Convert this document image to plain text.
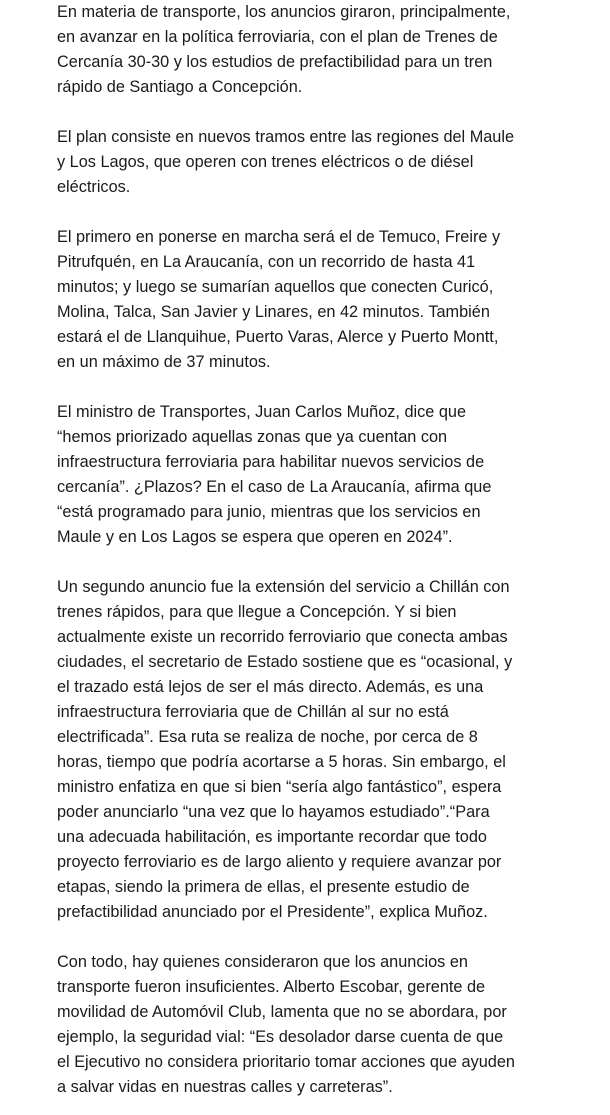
En materia de transporte, los anuncios giraron, principalmente,
en avanzar en la política ferroviaria, con el plan de Trenes de
Cercanía 30-30 y los estudios de prefactibilidad para un tren
rápido de Santiago a Concepción.

El plan consiste en nuevos tramos entre las regiones del Maule
y Los Lagos, que operen con trenes eléctricos o de diésel
eléctricos.

El primero en ponerse en marcha será el de Temuco, Freire y
Pitrufquén, en La Araucanía, con un recorrido de hasta 41
minutos; y luego se sumarían aquellos que conecten Curicó,
Molina, Talca, San Javier y Linares, en 42 minutos. También
estará el de Llanquihue, Puerto Varas, Alerce y Puerto Montt,
en un máximo de 37 minutos.

El ministro de Transportes, Juan Carlos Muñoz, dice que
“hemos priorizado aquellas zonas que ya cuentan con
infraestructura ferroviaria para habilitar nuevos servicios de
cercanía”. ¿Plazos? En el caso de La Araucanía, afirma que
“está programado para junio, mientras que los servicios en
Maule y en Los Lagos se espera que operen en 2024”.

Un segundo anuncio fue la extensión del servicio a Chillán con
trenes rápidos, para que llegue a Concepción. Y si bien
actualmente existe un recorrido ferroviario que conecta ambas
ciudades, el secretario de Estado sostiene que es “ocasional, y
el trazado está lejos de ser el más directo. Además, es una
infraestructura ferroviaria que de Chillán al sur no está
electrificada”. Esa ruta se realiza de noche, por cerca de 8
horas, tiempo que podría acortarse a 5 horas. Sin embargo, el
ministro enfatiza en que si bien “sería algo fantástico”, espera
poder anunciarlo “una vez que lo hayamos estudiado”.“Para
una adecuada habilitación, es importante recordar que todo
proyecto ferroviario es de largo aliento y requiere avanzar por
etapas, siendo la primera de ellas, el presente estudio de
prefactibilidad anunciado por el Presidente”, explica Muñoz.

Con todo, hay quienes consideraron que los anuncios en
transporte fueron insuficientes. Alberto Escobar, gerente de
movilidad de Automóvil Club, lamenta que no se abordara, por
ejemplo, la seguridad vial: “Es desolador darse cuenta de que
el Ejecutivo no considera prioritario tomar acciones que ayuden
a salvar vidas en nuestras calles y carreteras”.
